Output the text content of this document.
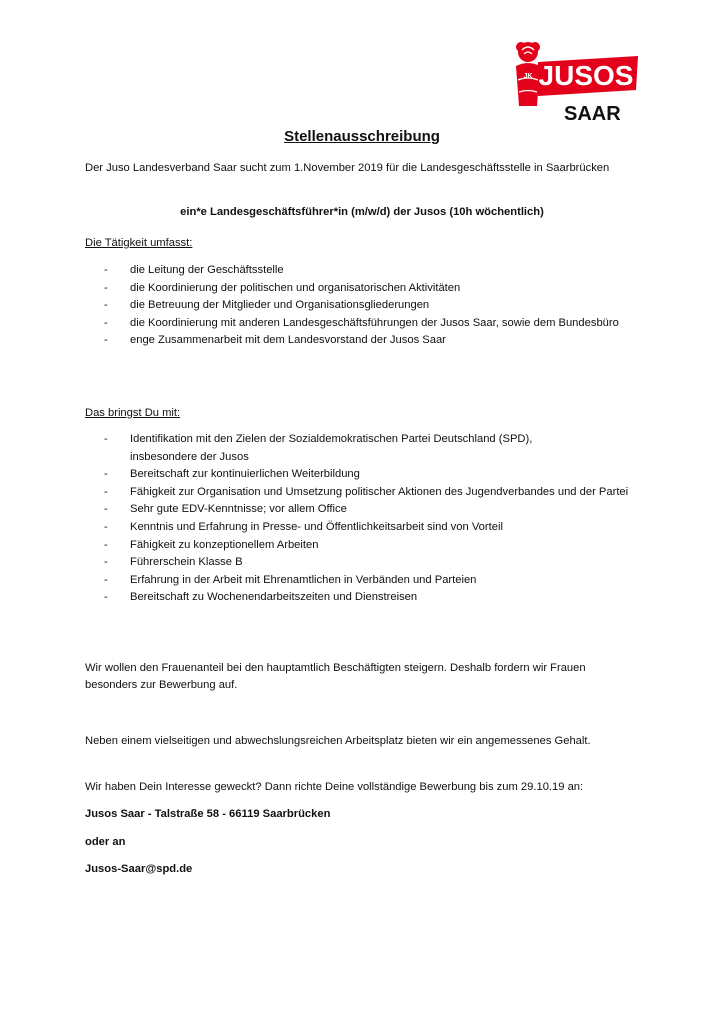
JK JUSOS
SAAR
Stellenausschreibung
Der Juso Landesverband Saar sucht zum 1.November 2019 für die Landesgeschäftsstelle in Saarbrücken
ein*e Landesgeschäftsführer*in (m/w/d) der Jusos (10h wöchentlich)
Die Tätigkeit umfasst:
- die Leitung der Geschäftsstelle
- die Koordinierung der politischen und organisatorischen Aktivitäten
- die Betreuung der Mitglieder und Organisationsgliederungen
- die Koordinierung mit anderen Landesgeschäftsführungen der Jusos Saar, sowie dem Bundesbüro
- enge Zusammenarbeit mit dem Landesvorstand der Jusos Saar
Das bringst Du mit:
- Identifikation mit den Zielen der Sozialdemokratischen Partei Deutschland (SPD), insbesondere der Jusos
- Bereitschaft zur kontinuierlichen Weiterbildung
- Fähigkeit zur Organisation und Umsetzung politischer Aktionen des Jugendverbandes und der Partei
- Sehr gute EDV-Kenntnisse; vor allem Office
- Kenntnis und Erfahrung in Presse- und Öffentlichkeitsarbeit sind von Vorteil
- Fähigkeit zu konzeptionellem Arbeiten
- Führerschein Klasse B
- Erfahrung in der Arbeit mit Ehrenamtlichen in Verbänden und Parteien
- Bereitschaft zu Wochenendarbeitszeiten und Dienstreisen
Wir wollen den Frauenanteil bei den hauptamtlich Beschäftigten steigern. Deshalb fordern wir Frauen besonders zur Bewerbung auf.
Neben einem vielseitigen und abwechslungsreichen Arbeitsplatz bieten wir ein angemessenes Gehalt.
Wir haben Dein Interesse geweckt? Dann richte Deine vollständige Bewerbung bis zum 29.10.19 an:
Jusos Saar - Talstraße 58 - 66119 Saarbrücken
oder an
Jusos-Saar@spd.de
